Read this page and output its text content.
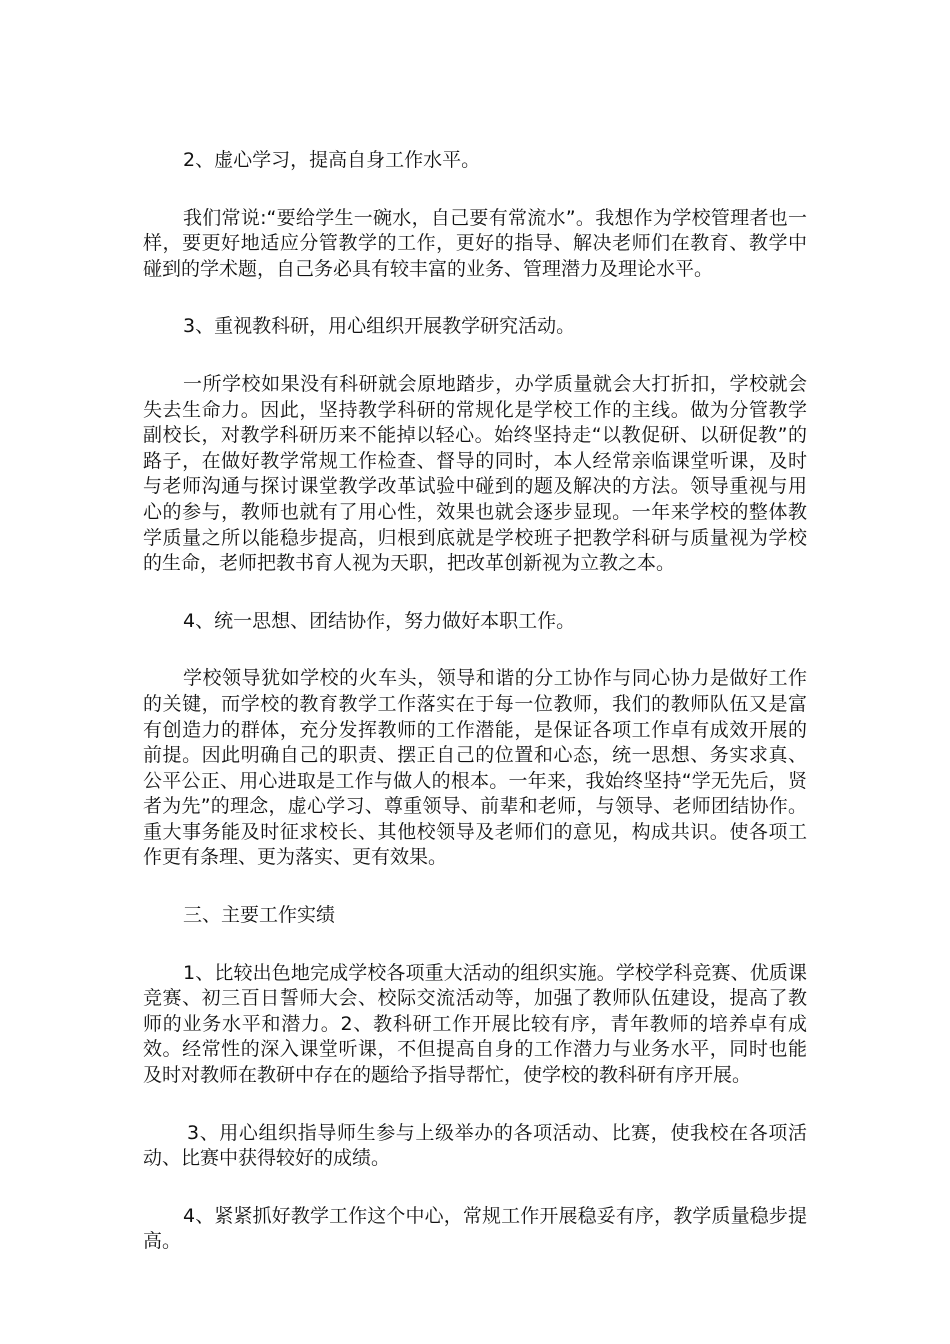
2、虚心学习，提高自身工作水平。

我们常说:“要给学生一碗水，自己要有常流水”。我想作为学校管理者也一样，要更好地适应分管教学的工作，更好的指导、解决老师们在教育、教学中碰到的学术题，自己务必具有较丰富的业务、管理潜力及理论水平。

3、重视教科研，用心组织开展教学研究活动。

一所学校如果没有科研就会原地踏步，办学质量就会大打折扣，学校就会失去生命力。因此，坚持教学科研的常规化是学校工作的主线。做为分管教学副校长，对教学科研历来不能掉以轻心。始终坚持走“以教促研、以研促教”的路子，在做好教学常规工作检查、督导的同时，本人经常亲临课堂听课，及时与老师沟通与探讨课堂教学改革试验中碰到的题及解决的方法。领导重视与用心的参与，教师也就有了用心性，效果也就会逐步显现。一年来学校的整体教学质量之所以能稳步提高，归根到底就是学校班子把教学科研与质量视为学校的生命，老师把教书育人视为天职，把改革创新视为立教之本。

4、统一思想、团结协作，努力做好本职工作。

学校领导犹如学校的火车头，领导和谐的分工协作与同心协力是做好工作的关键，而学校的教育教学工作落实在于每一位教师，我们的教师队伍又是富有创造力的群体，充分发挥教师的工作潜能，是保证各项工作卓有成效开展的前提。因此明确自己的职责、摆正自己的位置和心态，统一思想、务实求真、公平公正、用心进取是工作与做人的根本。一年来，我始终坚持“学无先后，贤者为先”的理念，虚心学习、尊重领导、前辈和老师，与领导、老师团结协作。重大事务能及时征求校长、其他校领导及老师们的意见，构成共识。使各项工作更有条理、更为落实、更有效果。

三、主要工作实绩

1、比较出色地完成学校各项重大活动的组织实施。学校学科竞赛、优质课竞赛、初三百日誓师大会、校际交流活动等，加强了教师队伍建设，提高了教师的业务水平和潜力。2、教科研工作开展比较有序，青年教师的培养卓有成效。经常性的深入课堂听课，不但提高自身的工作潜力与业务水平，同时也能及时对教师在教研中存在的题给予指导帮忙，使学校的教科研有序开展。

3、用心组织指导师生参与上级举办的各项活动、比赛，使我校在各项活动、比赛中获得较好的成绩。

4、紧紧抓好教学工作这个中心，常规工作开展稳妥有序，教学质量稳步提高。
